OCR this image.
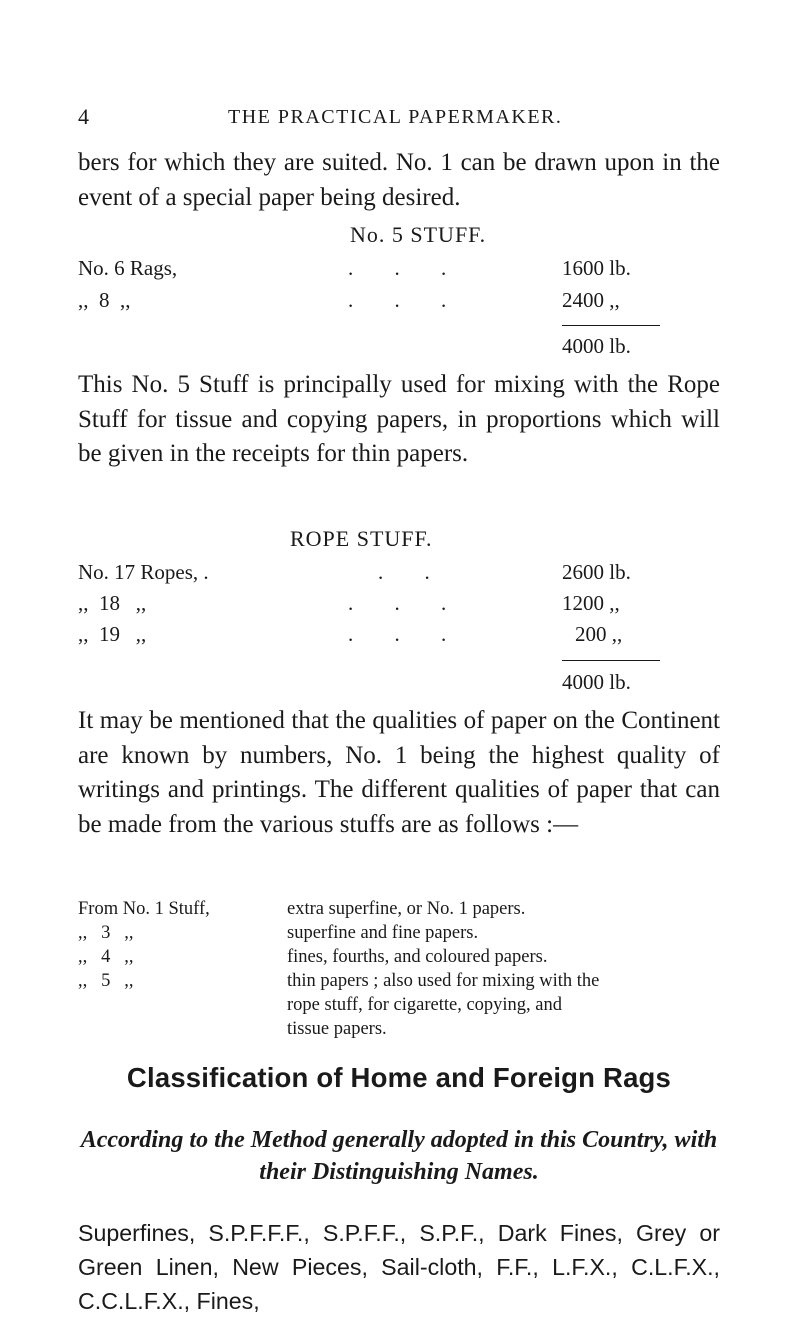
4	THE PRACTICAL PAPERMAKER.

bers for which they are suited. No. 1 can be drawn upon in the event of a special paper being desired.

No. 5 STUFF.
No. 6 Rags,	. . .	1600 lb.
,,  8  ,,	. . .	2400 ,,
4000 lb.

This No. 5 Stuff is principally used for mixing with the Rope Stuff for tissue and copying papers, in proportions which will be given in the receipts for thin papers.

ROPE STUFF.
No. 17 Ropes, .	. .	2600 lb.
,,  18   ,,	. . .	1200 ,,
,,  19   ,,	. . .	200 ,,
4000 lb.

It may be mentioned that the qualities of paper on the Continent are known by numbers, No. 1 being the highest quality of writings and printings. The different qualities of paper that can be made from the various stuffs are as follows :—

From No. 1 Stuff,	extra superfine, or No. 1 papers.
,,   3   ,,	superfine and fine papers.
,,   4   ,,	fines, fourths, and coloured papers.
,,   5   ,,	thin papers ; also used for mixing with the
rope stuff, for cigarette, copying, and
tissue papers.
Classification of Home and Foreign Rags

According to the Method generally adopted in this Country, with their Distinguishing Names.

Superfines, S.P.F.F.F., S.P.F.F., S.P.F., Dark Fines, Grey or Green Linen, New Pieces, Sail-cloth, F.F., L.F.X., C.L.F.X., C.C.L.F.X., Fines,
